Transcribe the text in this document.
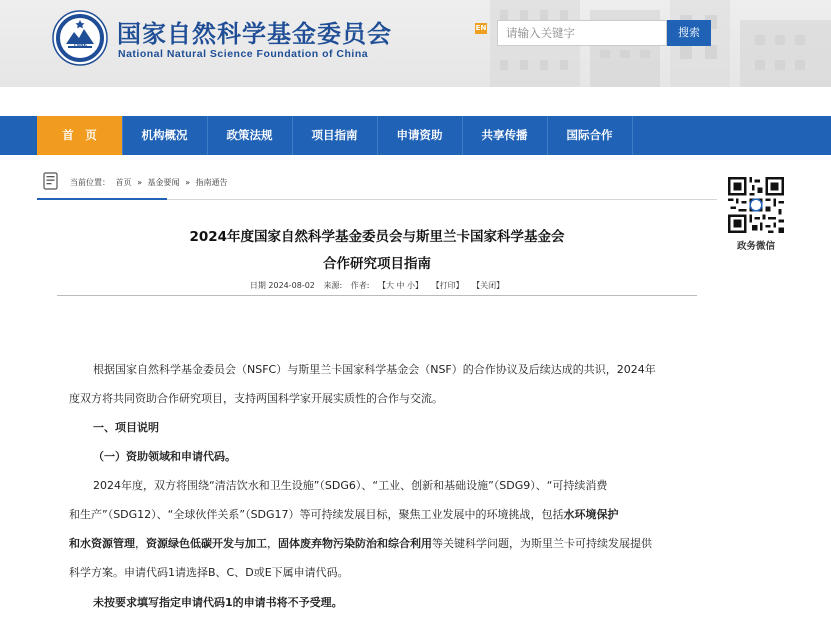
1986 国家自然科学基金委员会
National Natural Science Foundation of China
EN	请输入关键字	搜索
首　页	机构概况	政策法规	项目指南	申请资助	共享传播	国际合作
当前位置： 首页 » 基金要闻 » 指南通告
政务微信
2024年度国家自然科学基金委员会与斯里兰卡国家科学基金会
合作研究项目指南
日期 2024-08-02 来源: 作者: 【大 中 小】 【打印】 【关闭】
根据国家自然科学基金委员会（NSFC）与斯里兰卡国家科学基金会（NSF）的合作协议及后续达成的共识，2024年
度双方将共同资助合作研究项目，支持两国科学家开展实质性的合作与交流。
一、项目说明
（一）资助领域和申请代码。
2024年度，双方将围绕“清洁饮水和卫生设施”（SDG6）、“工业、创新和基础设施”（SDG9）、“可持续消费
和生产”（SDG12）、“全球伙伴关系”（SDG17）等可持续发展目标，聚焦工业发展中的环境挑战，包括水环境保护
和水资源管理，资源绿色低碳开发与加工，固体废弃物污染防治和综合利用等关键科学问题，为斯里兰卡可持续发展提供
科学方案。申请代码1请选择B、C、D或E下属申请代码。
未按要求填写指定申请代码1的申请书将不予受理。
